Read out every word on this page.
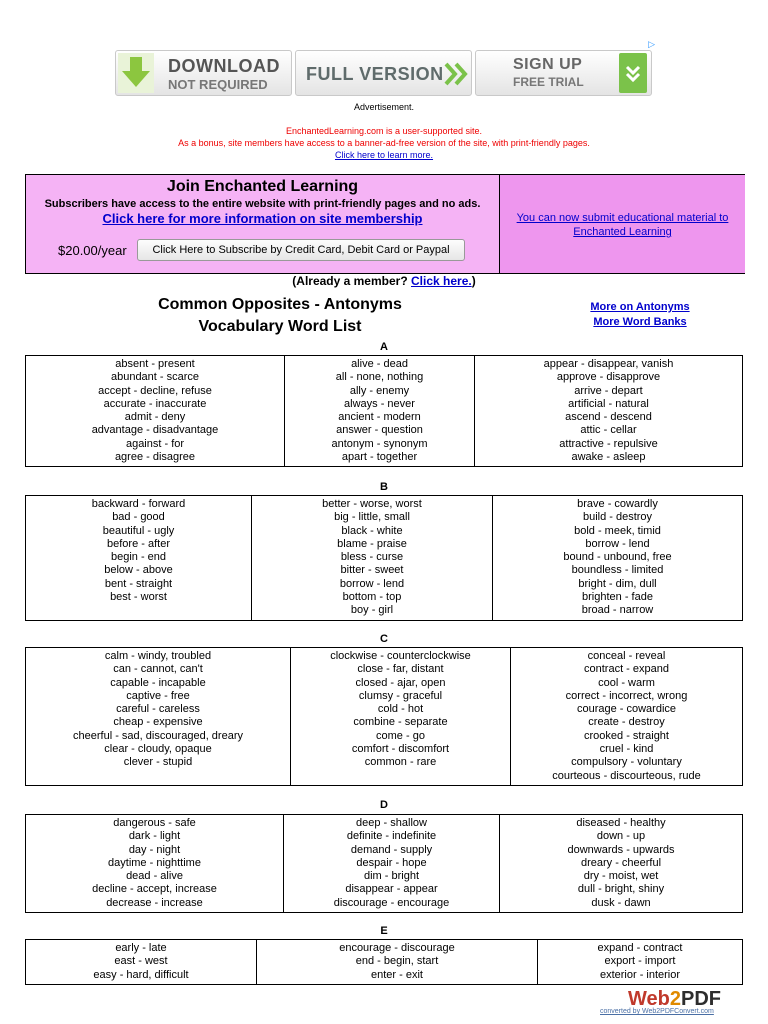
▷
DOWNLOAD
NOT REQUIRED
FULL VERSION	SIGN UP
FREE TRIAL
Advertisement.
EnchantedLearning.com is a user-supported site.
As a bonus, site members have access to a banner-ad-free version of the site, with print-friendly pages.
Click here to learn more.
Join Enchanted Learning
Subscribers have access to the entire website with print-friendly pages and no ads.
Click here for more information on site membership
$20.00/year	Click Here to Subscribe by Credit Card, Debit Card or Paypal
You can now submit educational material to Enchanted Learning
(Already a member? Click here.)
Common Opposites - Antonyms
Vocabulary Word List
More on Antonyms
More Word Banks
A
absent - present
abundant - scarce
accept - decline, refuse
accurate - inaccurate
admit - deny
advantage - disadvantage
against - for
agree - disagree

alive - dead
all - none, nothing
ally - enemy
always - never
ancient - modern
answer - question
antonym - synonym
apart - together

appear - disappear, vanish
approve - disapprove
arrive - depart
artificial - natural
ascend - descend
attic - cellar
attractive - repulsive
awake - asleep
B
backward - forward
bad - good
beautiful - ugly
before - after
begin - end
below - above
bent - straight
best - worst

better - worse, worst
big - little, small
black - white
blame - praise
bless - curse
bitter - sweet
borrow - lend
bottom - top
boy - girl

brave - cowardly
build - destroy
bold - meek, timid
borrow - lend
bound - unbound, free
boundless - limited
bright - dim, dull
brighten - fade
broad - narrow
C
calm - windy, troubled
can - cannot, can't
capable - incapable
captive - free
careful - careless
cheap - expensive
cheerful - sad, discouraged, dreary
clear - cloudy, opaque
clever - stupid

clockwise - counterclockwise
close - far, distant
closed - ajar, open
clumsy - graceful
cold - hot
combine - separate
come - go
comfort - discomfort
common - rare

conceal - reveal
contract - expand
cool - warm
correct - incorrect, wrong
courage - cowardice
create - destroy
crooked - straight
cruel - kind
compulsory - voluntary
courteous - discourteous, rude
D
dangerous - safe
dark - light
day - night
daytime - nighttime
dead - alive
decline - accept, increase
decrease - increase

deep - shallow
definite - indefinite
demand - supply
despair - hope
dim - bright
disappear - appear
discourage - encourage

diseased - healthy
down - up
downwards - upwards
dreary - cheerful
dry - moist, wet
dull - bright, shiny
dusk - dawn
E
early - late
east - west
easy - hard, difficult

encourage - discourage
end - begin, start
enter - exit

expand - contract
export - import
exterior - interior
Web2PDF
converted by Web2PDFConvert.com
